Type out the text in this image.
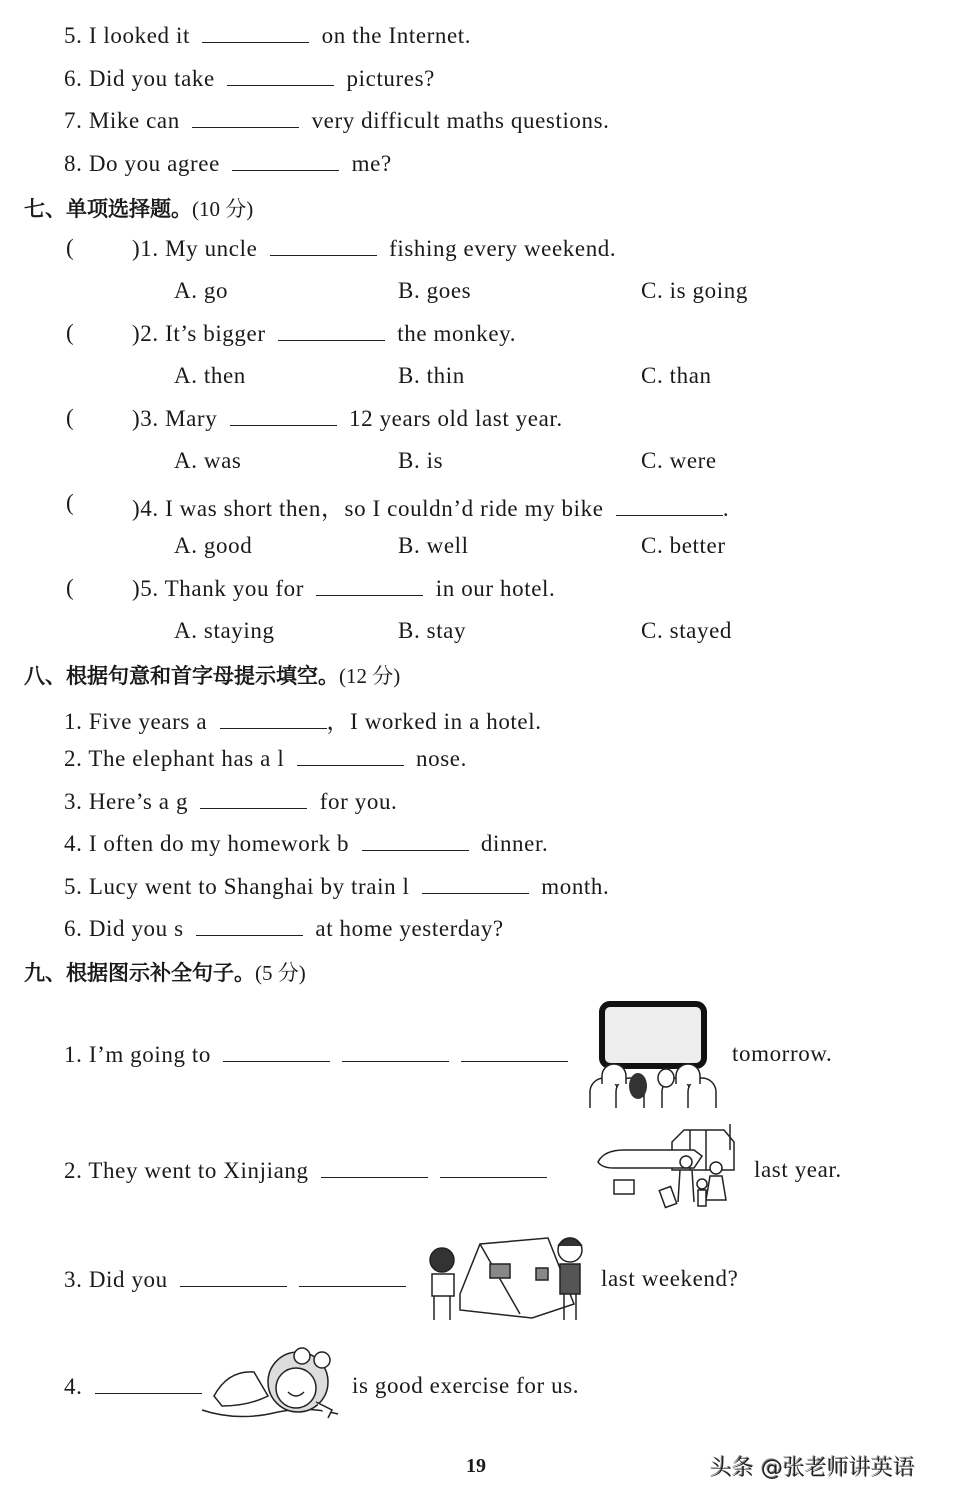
5. I looked it	on the Internet.
6. Did you take	pictures?
7. Mike can	very difficult maths questions.
8. Do you agree	me?
七、单项选择题。(10 分)
(	)1. My uncle	fishing every weekend.
A. go	B. goes	C. is going
(	)2. It’s bigger	the monkey.
A. then	B. thin	C. than
(	)3. Mary	12 years old last year.
A. was	B. is	C. were
(	)4. I was short then，so I couldn’d ride my bike	.
A. good	B. well	C. better
(	)5. Thank you for	in our hotel.
A. staying	B. stay	C. stayed
八、根据句意和首字母提示填空。(12 分)
1. Five years a	，I worked in a hotel.
2. The elephant has a l	nose.
3. Here’s a g	for you.
4. I often do my homework b	dinner.
5. Lucy went to Shanghai by train l	month.
6. Did you s	at home yesterday?
九、根据图示补全句子。(5 分)
1. I’m going to	tomorrow.
2. They went to Xinjiang	last year.
3. Did you	last weekend?
4.	is good exercise for us.
19	头条 @张老师讲英语
